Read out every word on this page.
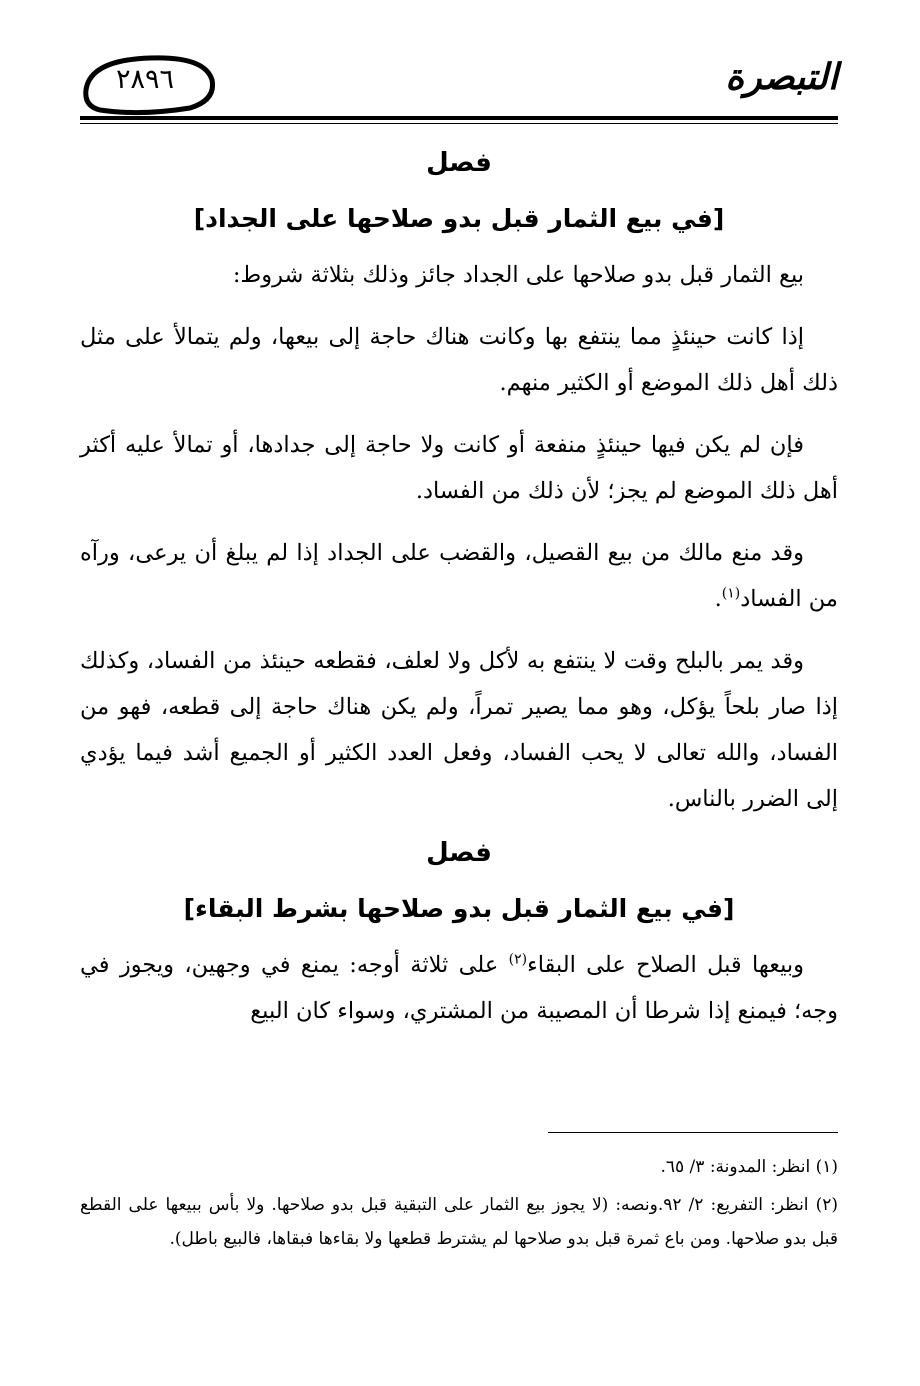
٢٨٩٦	التبصرة
فصل
[في بيع الثمار قبل بدو صلاحها على الجداد]

بيع الثمار قبل بدو صلاحها على الجداد جائز وذلك بثلاثة شروط:

إذا كانت حينئذٍ مما ينتفع بها وكانت هناك حاجة إلى بيعها، ولم يتمالأ على مثل ذلك أهل ذلك الموضع أو الكثير منهم.

فإن لم يكن فيها حينئذٍ منفعة أو كانت ولا حاجة إلى جدادها، أو تمالأ عليه أكثر أهل ذلك الموضع لم يجز؛ لأن ذلك من الفساد.

وقد منع مالك من بيع القصيل، والقضب على الجداد إذا لم يبلغ أن يرعى، ورآه من الفساد$^{(١)}$.

وقد يمر بالبلح وقت لا ينتفع به لأكل ولا لعلف، فقطعه حينئذ من الفساد، وكذلك إذا صار بلحاً يؤكل، وهو مما يصير تمراً، ولم يكن هناك حاجة إلى قطعه، فهو من الفساد، والله تعالى لا يحب الفساد، وفعل العدد الكثير أو الجميع أشد فيما يؤدي إلى الضرر بالناس.

فصل
[في بيع الثمار قبل بدو صلاحها بشرط البقاء]

وبيعها قبل الصلاح على البقاء$^{(٢)}$ على ثلاثة أوجه: يمنع في وجهين، ويجوز في وجه؛ فيمنع إذا شرطا أن المصيبة من المشتري، وسواء كان البيع

(١) انظر: المدونة: ٣/ ٦٥.
(٢) انظر: التفريع: ٢/ ٩٢.ونصه: (لا يجوز بيع الثمار على التبقية قبل بدو صلاحها. ولا بأس ببيعها على القطع قبل بدو صلاحها. ومن باع ثمرة قبل بدو صلاحها لم يشترط قطعها ولا بقاءها فبقاها، فالبيع باطل).
